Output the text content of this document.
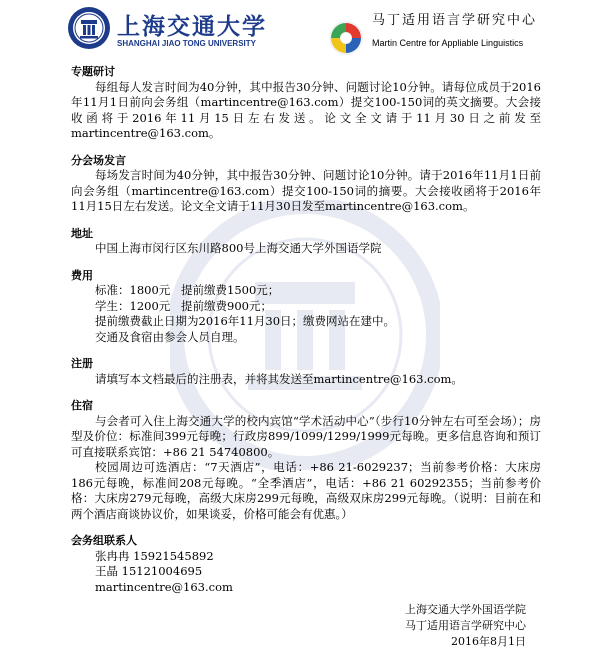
上海交通大学
SHANGHAI JIAO TONG UNIVERSITY
马丁适用语言学研究中心
Martin Centre for Appliable Linguistics

专题研讨

每组每人发言时间为40分钟，其中报告30分钟、问题讨论10分钟。请每位成员于2016年11月1日前向会务组（martincentre@163.com）提交100-150词的英文摘要。大会接收函将于2016年11月15日左右发送。论文全文请于11月30日之前发至martincentre@163.com。

分会场发言

每场发言时间为40分钟，其中报告30分钟、问题讨论10分钟。请于2016年11月1日前向会务组（martincentre@163.com）提交100-150词的摘要。大会接收函将于2016年11月15日左右发送。论文全文请于11月30日发至martincentre@163.com。

地址

中国上海市闵行区东川路800号上海交通大学外国语学院

费用

标准：1800元 提前缴费1500元；

学生：1200元 提前缴费900元；

提前缴费截止日期为2016年11月30日；缴费网站在建中。

交通及食宿由参会人员自理。

注册

请填写本文档最后的注册表，并将其发送至martincentre@163.com。

住宿

与会者可入住上海交通大学的校内宾馆“学术活动中心”（步行10分钟左右可至会场）；房型及价位：标准间399元每晚；行政房899/1099/1299/1999元每晚。更多信息咨询和预订可直接联系宾馆：+86 21 54740800。

校园周边可选酒店：“7天酒店”，电话：+86 21-6029237；当前参考价格：大床房186元每晚，标准间208元每晚。“全季酒店”，电话：+86 21 60292355；当前参考价格：大床房279元每晚，高级大床房299元每晚，高级双床房299元每晚。（说明：目前在和两个酒店商谈协议价，如果谈妥，价格可能会有优惠。）

会务组联系人

张冉冉 15921545892

王晶 15121004695

martincentre@163.com

上海交通大学外国语学院
马丁适用语言学研究中心
2016年8月1日
